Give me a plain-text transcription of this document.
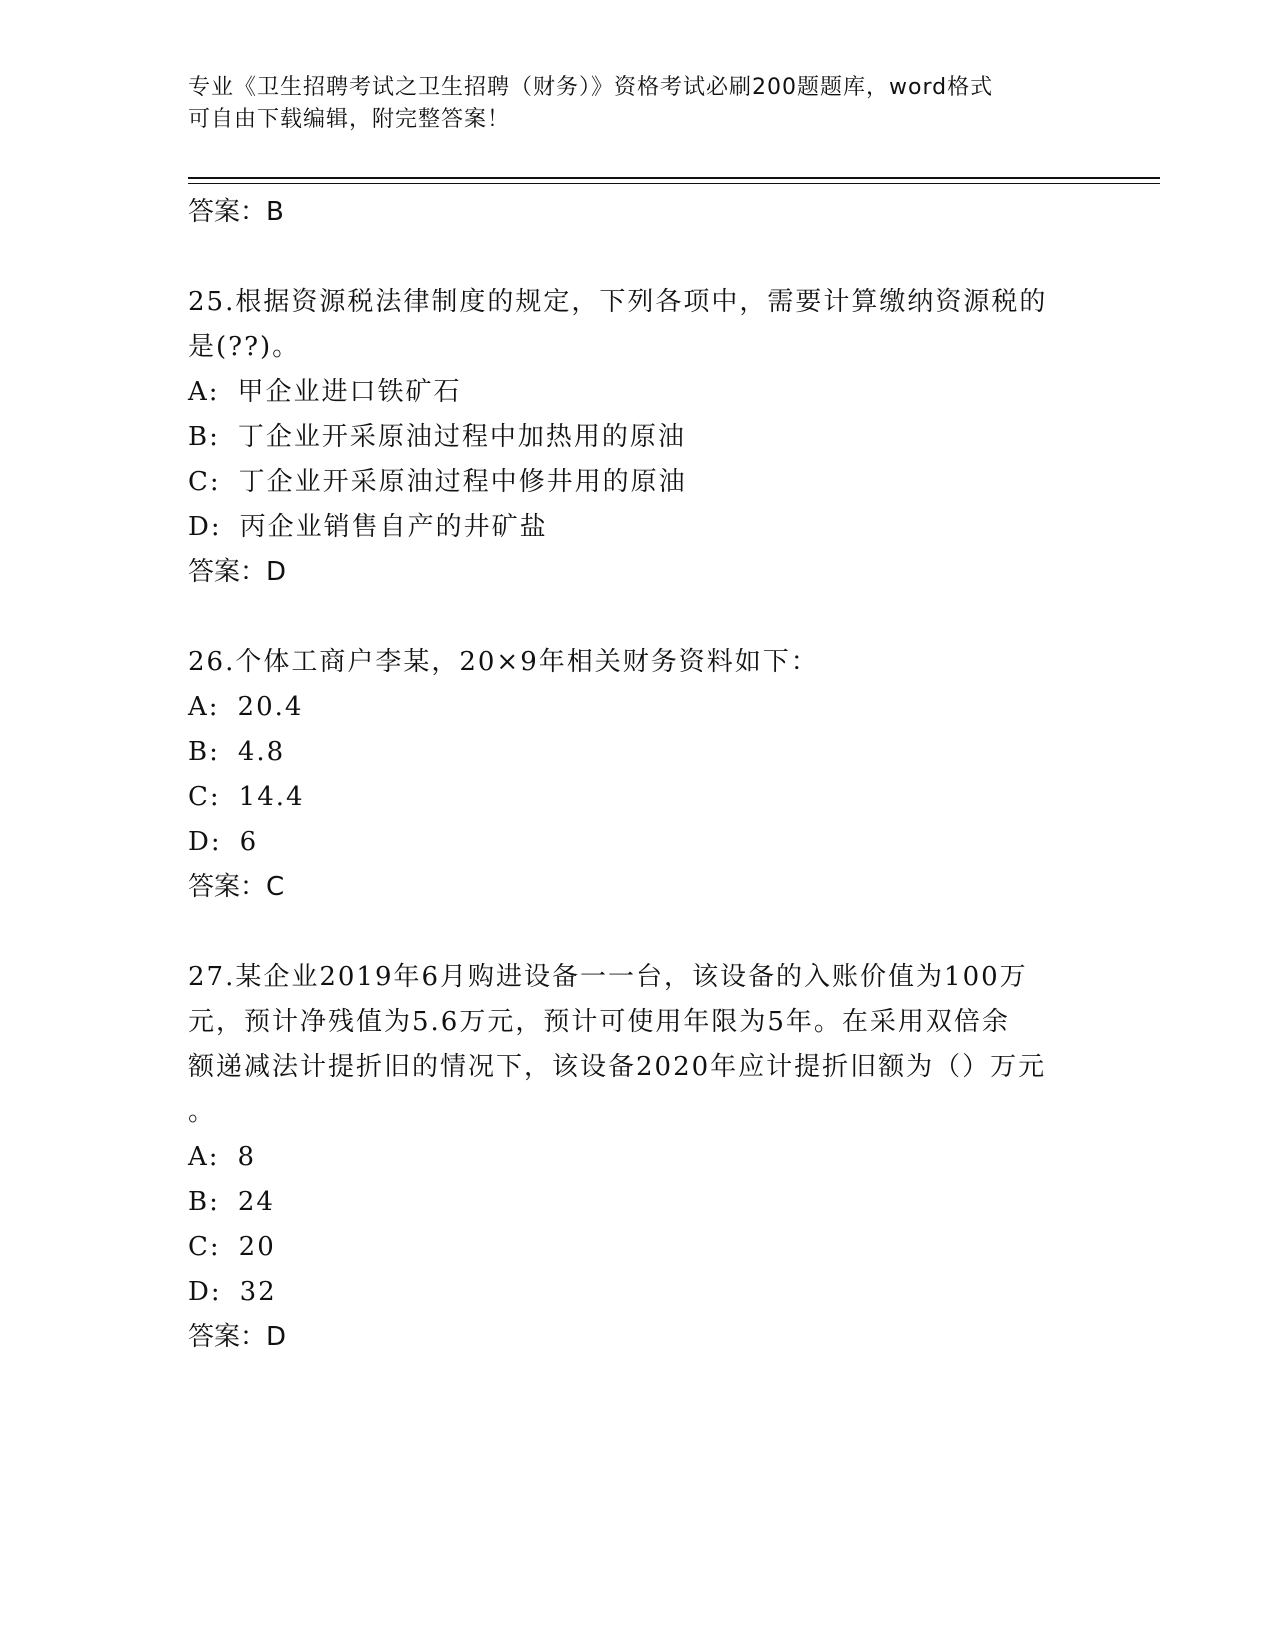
专业《卫生招聘考试之卫生招聘（财务）》资格考试必刷200题题库，word格式
可自由下载编辑，附完整答案！
答案：B
25.根据资源税法律制度的规定，下列各项中，需要计算缴纳资源税的
是(??)。
A: 甲企业进口铁矿石
B: 丁企业开采原油过程中加热用的原油
C: 丁企业开采原油过程中修井用的原油
D: 丙企业销售自产的井矿盐
答案：D
26.个体工商户李某，20×9年相关财务资料如下：
A: 20.4
B: 4.8
C: 14.4
D: 6
答案：C
27.某企业2019年6月购进设备一一台，该设备的入账价值为100万
元，预计净残值为5.6万元，预计可使用年限为5年。在采用双倍余
额递减法计提折旧的情况下，该设备2020年应计提折旧额为（）万元
。
A: 8
B: 24
C: 20
D: 32
答案：D
